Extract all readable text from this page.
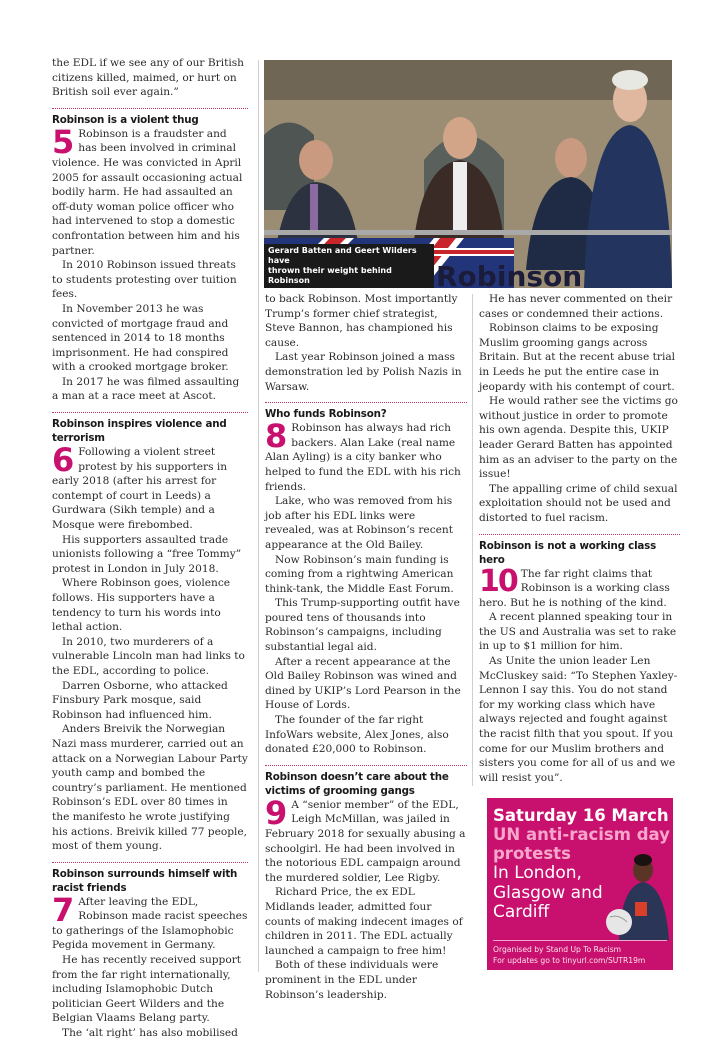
the EDL if we see any of our British citizens killed, maimed, or hurt on British soil ever again.”

Robinson is a violent thug
5 Robinson is a fraudster and has been involved in criminal violence. He was convicted in April 2005 for assault occasioning actual bodily harm. He had assaulted an off-duty woman police officer who had intervened to stop a domestic confrontation between him and his partner.

In 2010 Robinson issued threats to students protesting over tuition fees.

In November 2013 he was convicted of mortgage fraud and sentenced in 2014 to 18 months imprisonment. He had conspired with a crooked mortgage broker.

In 2017 he was filmed assaulting a man at a race meet at Ascot.

Robinson inspires violence and terrorism
6 Following a violent street protest by his supporters in early 2018 (after his arrest for contempt of court in Leeds) a Gurdwara (Sikh temple) and a Mosque were firebombed.

His supporters assaulted trade unionists following a “free Tommy” protest in London in July 2018.

Where Robinson goes, violence follows. His supporters have a tendency to turn his words into lethal action.

In 2010, two murderers of a vulnerable Lincoln man had links to the EDL, according to police.

Darren Osborne, who attacked Finsbury Park mosque, said Robinson had influenced him.

Anders Breivik the Norwegian Nazi mass murderer, carried out an attack on a Norwegian Labour Party youth camp and bombed the country’s parliament. He mentioned Robinson’s EDL over 80 times in the manifesto he wrote justifying his actions. Breivik killed 77 people, most of them young.

Robinson surrounds himself with racist friends
7 After leaving the EDL, Robinson made racist speeches to gatherings of the Islamophobic Pegida movement in Germany.

He has recently received support from the far right internationally, including Islamophobic Dutch politician Geert Wilders and the Belgian Vlaams Belang party.

The ‘alt right’ has also mobilised

Robinson
Gerard Batten and Geert Wilders have
thrown their weight behind Robinson

to back Robinson. Most importantly Trump’s former chief strategist, Steve Bannon, has championed his cause.

Last year Robinson joined a mass demonstration led by Polish Nazis in Warsaw.

Who funds Robinson?
8 Robinson has always had rich backers. Alan Lake (real name Alan Ayling) is a city banker who helped to fund the EDL with his rich friends.

Lake, who was removed from his job after his EDL links were revealed, was at Robinson’s recent appearance at the Old Bailey.

Now Robinson’s main funding is coming from a rightwing American think-tank, the Middle East Forum.

This Trump-supporting outfit have poured tens of thousands into Robinson’s campaigns, including substantial legal aid.

After a recent appearance at the Old Bailey Robinson was wined and dined by UKIP’s Lord Pearson in the House of Lords.

The founder of the far right InfoWars website, Alex Jones, also donated £20,000 to Robinson.

Robinson doesn’t care about the victims of grooming gangs
9 A “senior member” of the EDL, Leigh McMillan, was jailed in February 2018 for sexually abusing a schoolgirl. He had been involved in the notorious EDL campaign around the murdered soldier, Lee Rigby.

Richard Price, the ex EDL Midlands leader, admitted four counts of making indecent images of children in 2011. The EDL actually launched a campaign to free him!

Both of these individuals were prominent in the EDL under Robinson’s leadership.

He has never commented on their cases or condemned their actions.

Robinson claims to be exposing Muslim grooming gangs across Britain. But at the recent abuse trial in Leeds he put the entire case in jeopardy with his contempt of court.

He would rather see the victims go without justice in order to promote his own agenda. Despite this, UKIP leader Gerard Batten has appointed him as an adviser to the party on the issue!

The appalling crime of child sexual exploitation should not be used and distorted to fuel racism.

Robinson is not a working class hero
10 The far right claims that Robinson is a working class hero. But he is nothing of the kind.

A recent planned speaking tour in the US and Australia was set to rake in up to $1 million for him.

As Unite the union leader Len McCluskey said: “To Stephen Yaxley-Lennon I say this. You do not stand for my working class which have always rejected and fought against the racist filth that you spout. If you come for our Muslim brothers and sisters you come for all of us and we will resist you”.

Saturday 16 March
UN anti-racism day protests
In London, Glasgow and Cardiff
Organised by Stand Up To Racism
For updates go to tinyurl.com/SUTR19m
